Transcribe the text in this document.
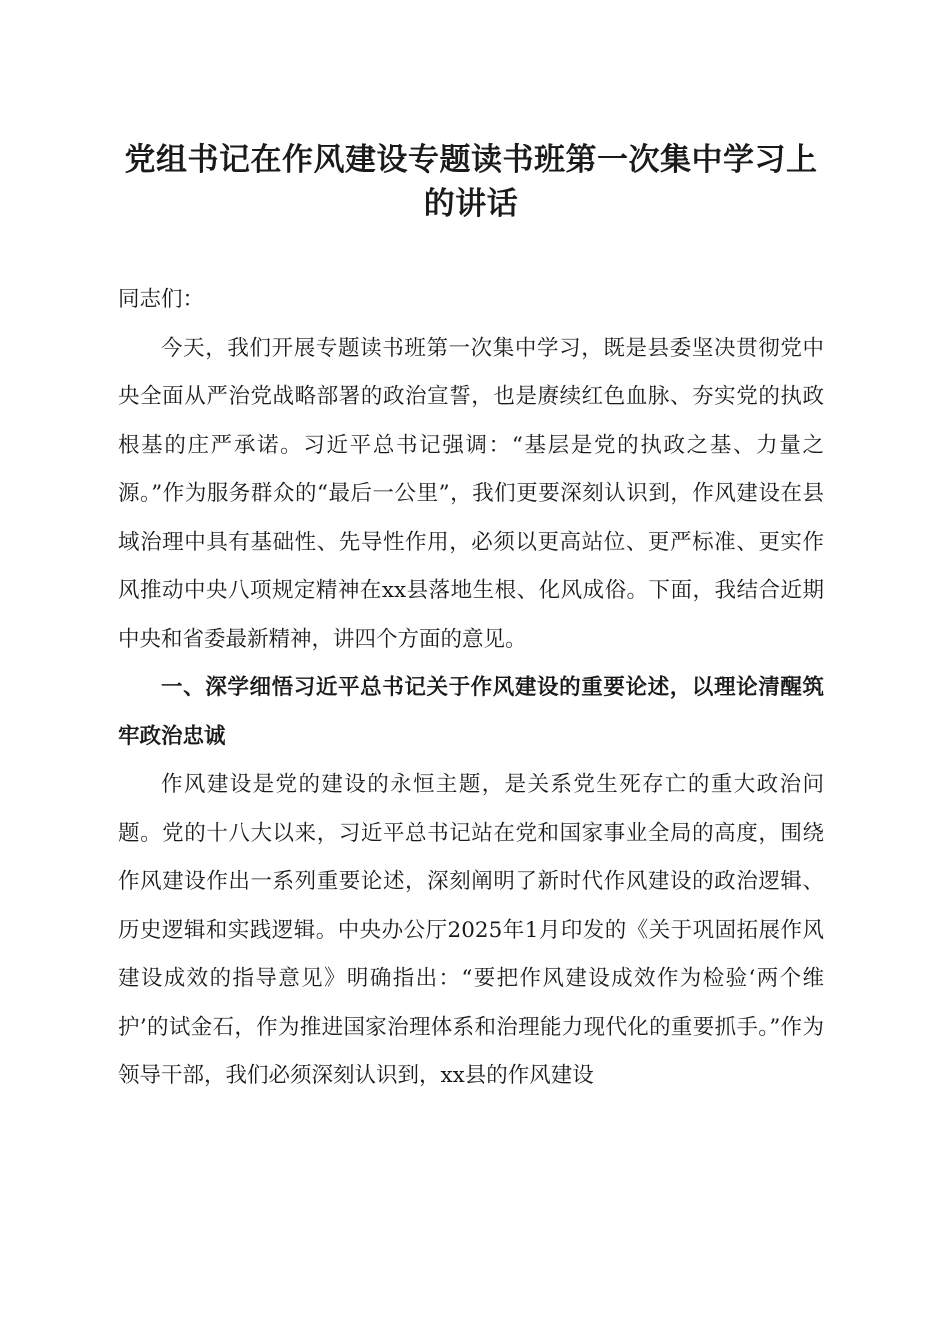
党组书记在作风建设专题读书班第一次集中学习上的讲话

同志们：

今天，我们开展专题读书班第一次集中学习，既是县委坚决贯彻党中央全面从严治党战略部署的政治宣誓，也是赓续红色血脉、夯实党的执政根基的庄严承诺。习近平总书记强调：“基层是党的执政之基、力量之源。”作为服务群众的“最后一公里”，我们更要深刻认识到，作风建设在县域治理中具有基础性、先导性作用，必须以更高站位、更严标准、更实作风推动中央八项规定精神在xx县落地生根、化风成俗。下面，我结合近期中央和省委最新精神，讲四个方面的意见。

一、深学细悟习近平总书记关于作风建设的重要论述，以理论清醒筑牢政治忠诚

作风建设是党的建设的永恒主题，是关系党生死存亡的重大政治问题。党的十八大以来，习近平总书记站在党和国家事业全局的高度，围绕作风建设作出一系列重要论述，深刻阐明了新时代作风建设的政治逻辑、历史逻辑和实践逻辑。中央办公厅2025年1月印发的《关于巩固拓展作风建设成效的指导意见》明确指出：“要把作风建设成效作为检验‘两个维护’的试金石，作为推进国家治理体系和治理能力现代化的重要抓手。”作为领导干部，我们必须深刻认识到，xx县的作风建设
